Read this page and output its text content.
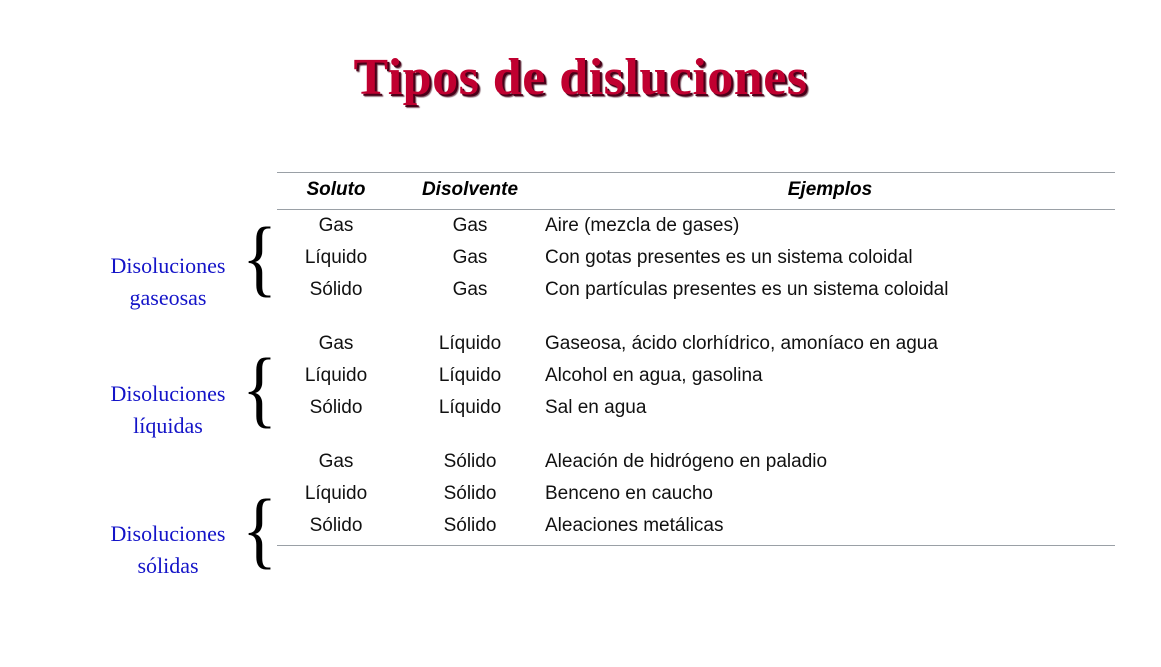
Tipos de disluciones
Soluto	Disolvente	Ejemplos
Gas	Gas	Aire (mezcla de gases)
Líquido	Gas	Con gotas presentes es un sistema coloidal
Sólido	Gas	Con partículas presentes es un sistema coloidal

Gas	Líquido	Gaseosa, ácido clorhídrico, amoníaco en agua
Líquido	Líquido	Alcohol en agua, gasolina
Sólido	Líquido	Sal en agua

Gas	Sólido	Aleación de hidrógeno en paladio
Líquido	Sólido	Benceno en caucho
Sólido	Sólido	Aleaciones metálicas
Disoluciones
gaseosas {
Disoluciones
líquidas {
Disoluciones
sólidas {
